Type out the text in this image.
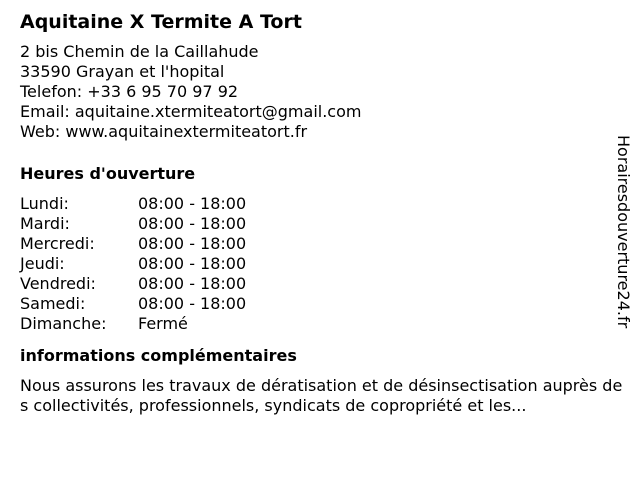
Aquitaine X Termite A Tort
2 bis Chemin de la Caillahude
33590 Grayan et l'hopital
Telefon: +33 6 95 70 97 92
Email: aquitaine.xtermiteatort@gmail.com
Web: www.aquitainextermiteatort.fr
Heures d'ouverture
Lundi:	08:00 - 18:00
Mardi:	08:00 - 18:00
Mercredi:	08:00 - 18:00
Jeudi:	08:00 - 18:00
Vendredi:	08:00 - 18:00
Samedi:	08:00 - 18:00
Dimanche:	Fermé
informations complémentaires
Nous assurons les travaux de dératisation et de désinsectisation auprès des collectivités, professionnels, syndicats de copropriété et les...
Horairesdouverture24.fr
